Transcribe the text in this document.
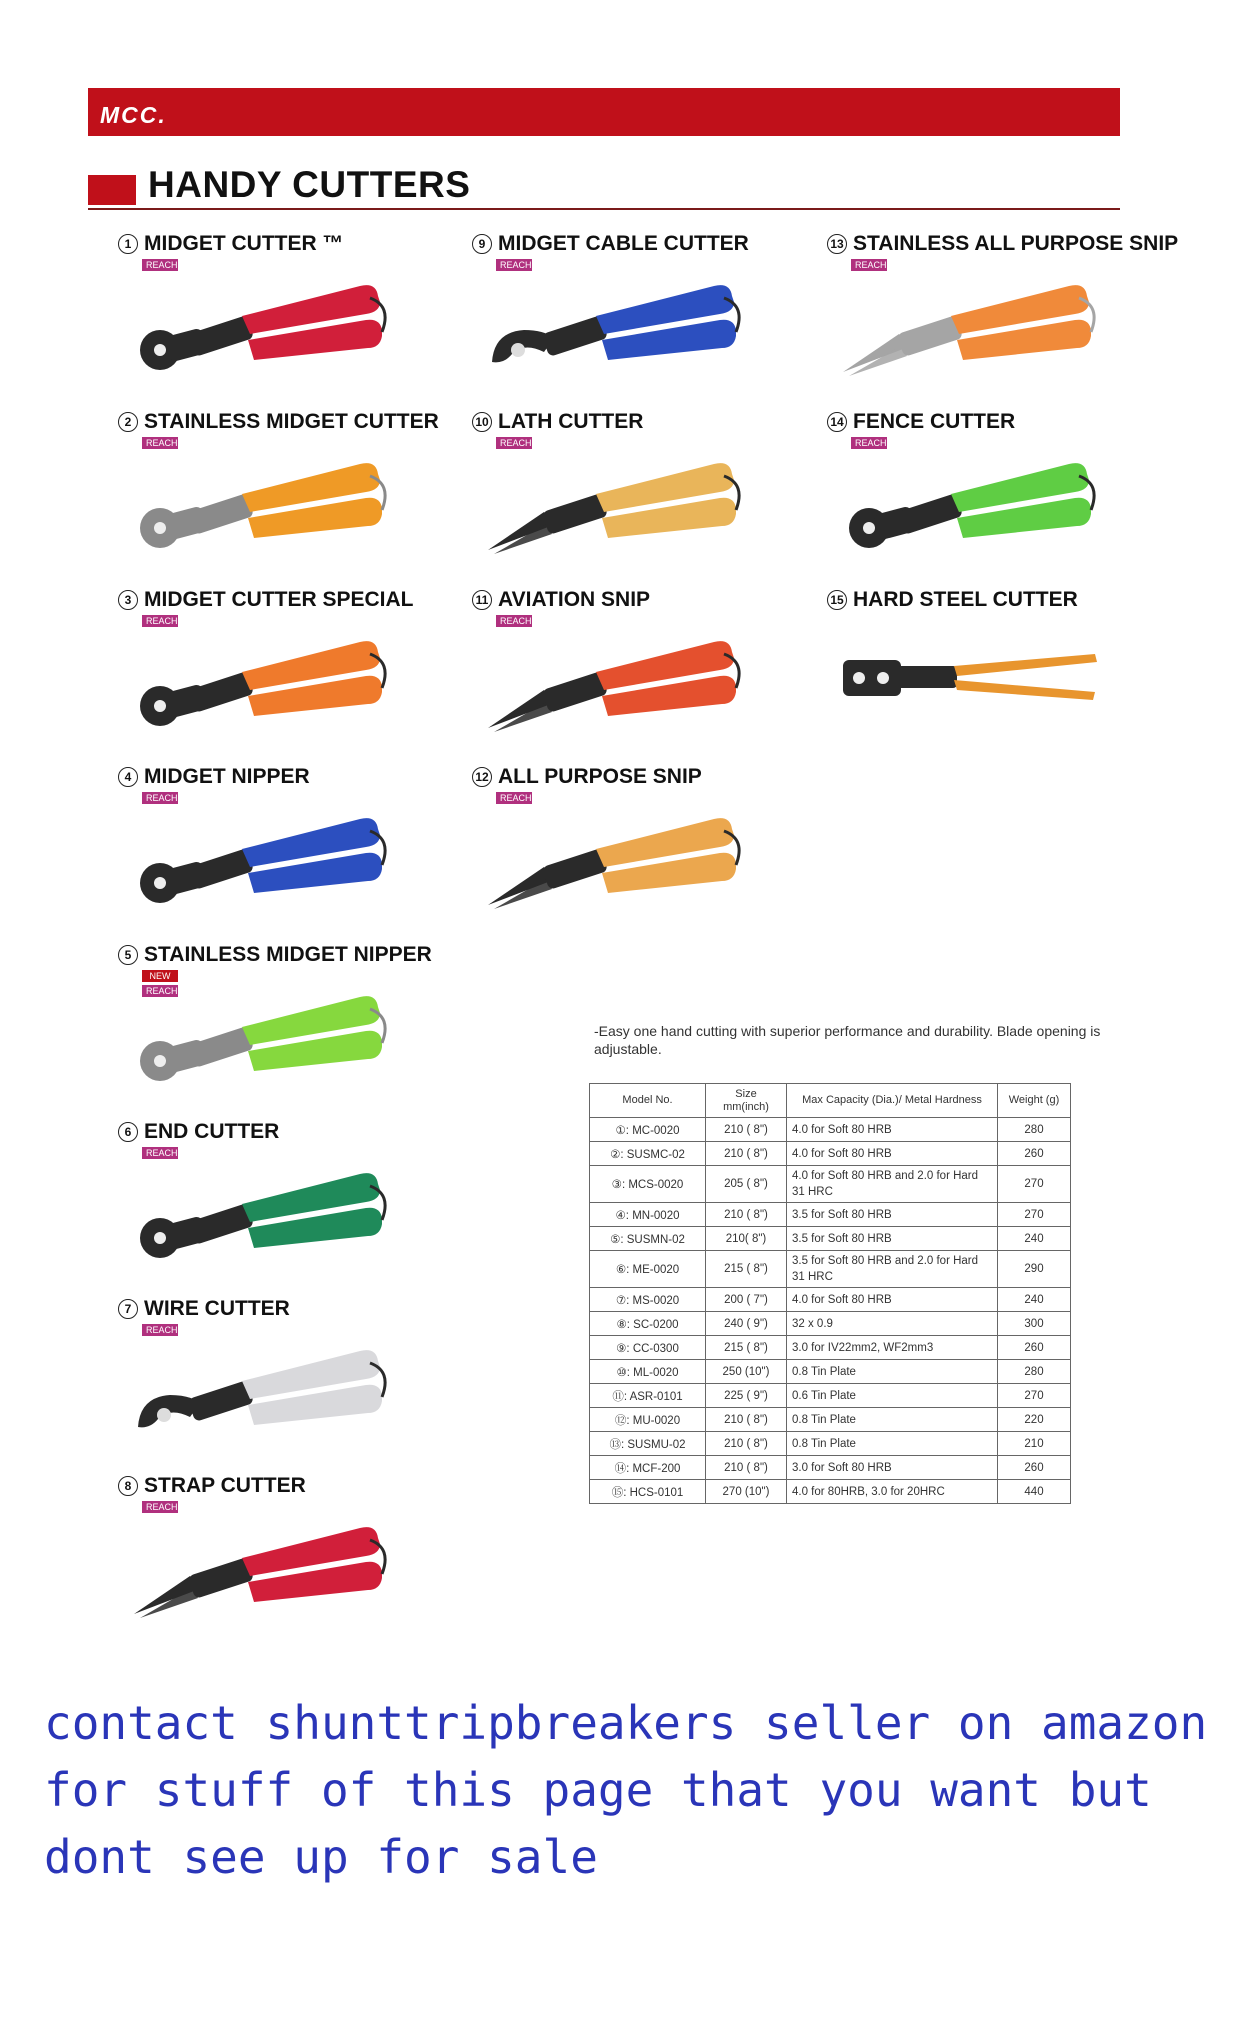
MCC.
HANDY CUTTERS
1 MIDGET CUTTER ™
REACH
2 STAINLESS MIDGET CUTTER
REACH
3 MIDGET CUTTER SPECIAL
REACH
4 MIDGET NIPPER
REACH
5 STAINLESS MIDGET NIPPER
NEW
REACH
6 END CUTTER
REACH
7 WIRE CUTTER
REACH
8 STRAP CUTTER
REACH
9 MIDGET CABLE CUTTER
REACH
10 LATH CUTTER
REACH
11 AVIATION SNIP
REACH
12 ALL PURPOSE SNIP
REACH
13 STAINLESS ALL PURPOSE SNIP
REACH
14 FENCE CUTTER
REACH
15 HARD STEEL CUTTER
-Easy one hand cutting with superior performance and durability. Blade opening is adjustable.
Model No.	Size mm(inch)	Max Capacity (Dia.)/ Metal Hardness	Weight (g)
①: MC-0020	210 ( 8")	4.0 for Soft 80 HRB	280
②: SUSMC-02	210 ( 8")	4.0 for Soft 80 HRB	260
③: MCS-0020	205 ( 8")	4.0 for Soft 80 HRB and 2.0 for Hard 31 HRC	270
④: MN-0020	210 ( 8")	3.5 for Soft 80 HRB	270
⑤: SUSMN-02	210( 8")	3.5 for Soft 80 HRB	240
⑥: ME-0020	215 ( 8")	3.5 for Soft 80 HRB and 2.0 for Hard 31 HRC	290
⑦: MS-0020	200 ( 7")	4.0 for Soft 80 HRB	240
⑧: SC-0200	240 ( 9")	32 x 0.9	300
⑨: CC-0300	215 ( 8")	3.0 for IV22mm2, WF2mm3	260
⑩: ML-0020	250 (10")	0.8 Tin Plate	280
⑪: ASR-0101	225 ( 9")	0.6 Tin Plate	270
⑫: MU-0020	210 ( 8")	0.8 Tin Plate	220
⑬: SUSMU-02	210 ( 8")	0.8 Tin Plate	210
⑭: MCF-200	210 ( 8")	3.0 for Soft 80 HRB	260
⑮: HCS-0101	270 (10")	4.0 for 80HRB, 3.0 for 20HRC	440
contact shunttripbreakers seller on amazon for stuff of this page that you want but dont see up for sale
